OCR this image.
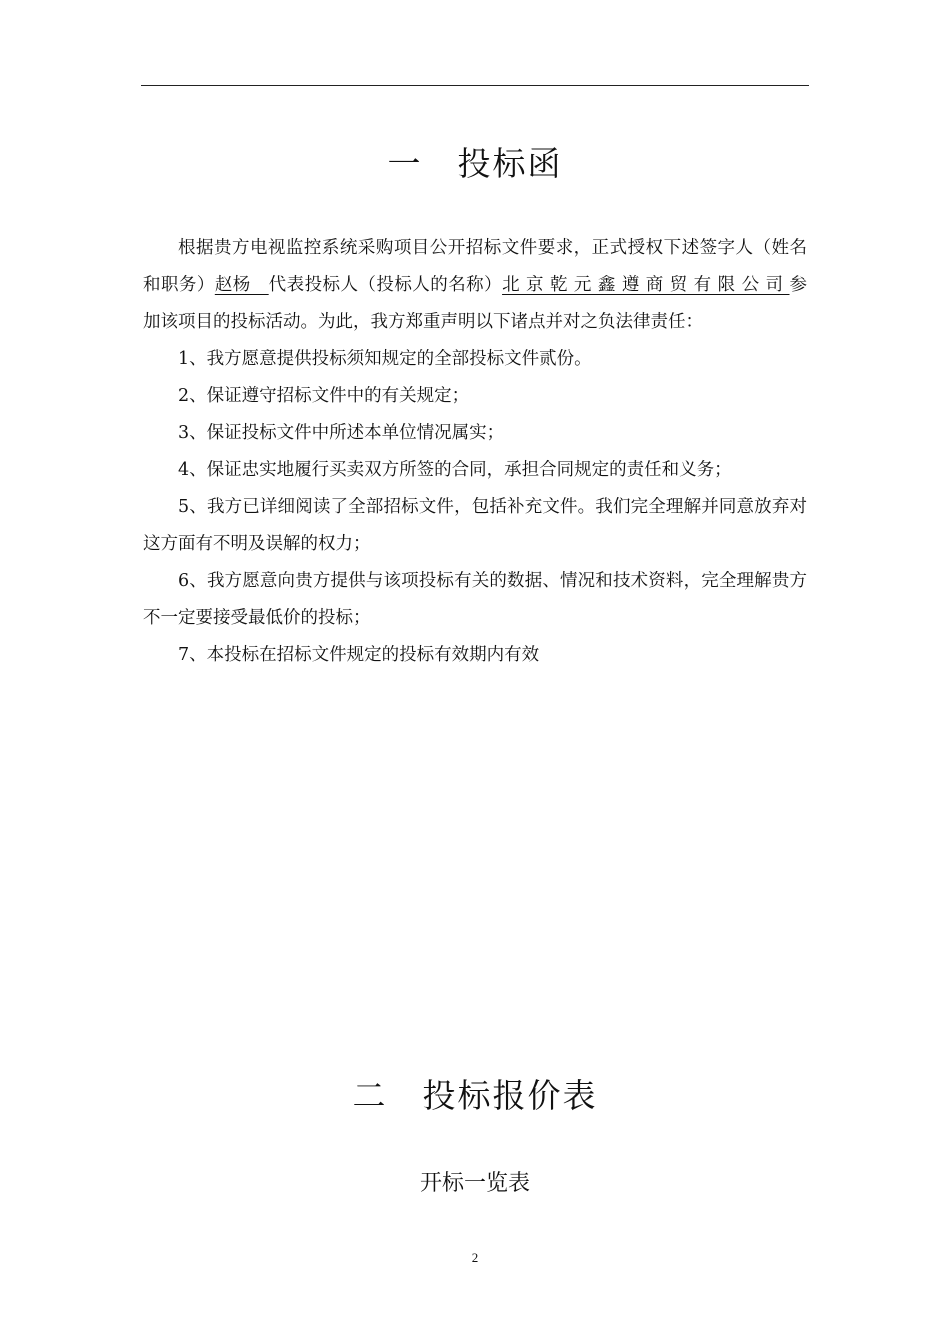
一　投标函

根据贵方电视监控系统采购项目公开招标文件要求，正式授权下述签字人（姓名和职务）赵杨　代表投标人（投标人的名称）北京乾元鑫遵商贸有限公司参加该项目的投标活动。为此，我方郑重声明以下诸点并对之负法律责任：

1、我方愿意提供投标须知规定的全部投标文件贰份。

2、保证遵守招标文件中的有关规定；

3、保证投标文件中所述本单位情况属实；

4、保证忠实地履行买卖双方所签的合同，承担合同规定的责任和义务；

5、我方已详细阅读了全部招标文件，包括补充文件。我们完全理解并同意放弃对这方面有不明及误解的权力；

6、我方愿意向贵方提供与该项投标有关的数据、情况和技术资料，完全理解贵方不一定要接受最低价的投标；

7、本投标在招标文件规定的投标有效期内有效

二　投标报价表
开标一览表
2
